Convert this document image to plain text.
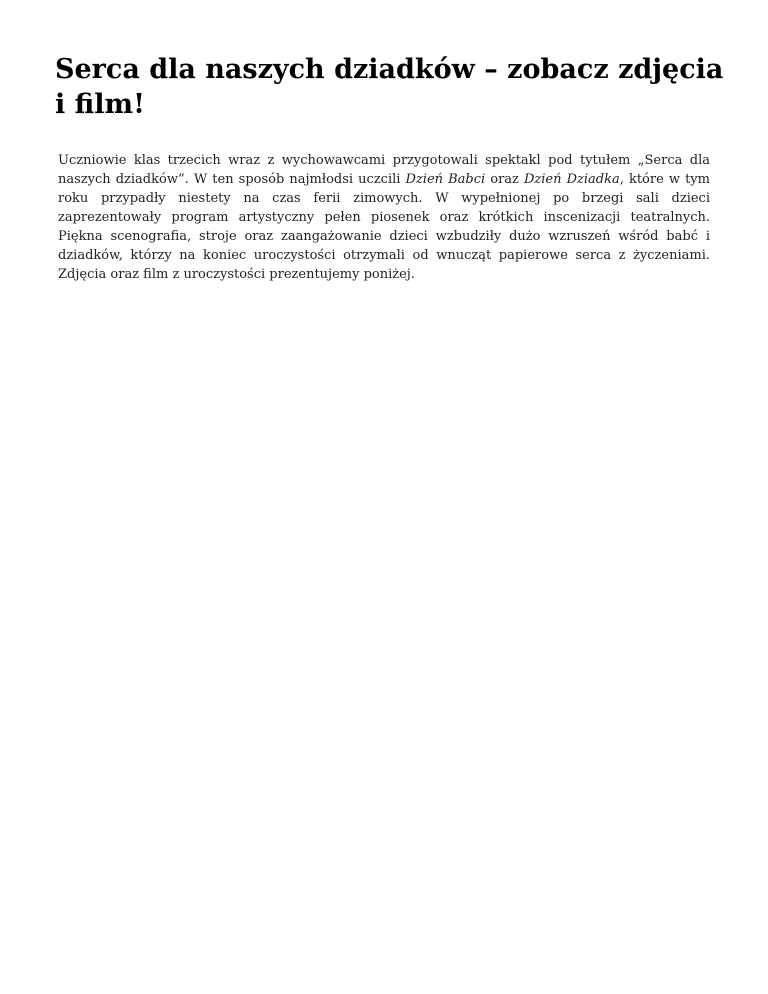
Serca dla naszych dziadków – zobacz zdjęcia i film!

Uczniowie klas trzecich wraz z wychowawcami przygotowali spektakl pod tytułem „Serca dla naszych dziadków”. W ten sposób najmłodsi uczcili Dzień Babci oraz Dzień Dziadka, które w tym roku przypadły niestety na czas ferii zimowych. W wypełnionej po brzegi sali dzieci zaprezentowały program artystyczny pełen piosenek oraz krótkich inscenizacji teatralnych. Piękna scenografia, stroje oraz zaangażowanie dzieci wzbudziły dużo wzruszeń wśród babć i dziadków, którzy na koniec uroczystości otrzymali od wnucząt papierowe serca z życzeniami. Zdjęcia oraz film z uroczystości prezentujemy poniżej.
